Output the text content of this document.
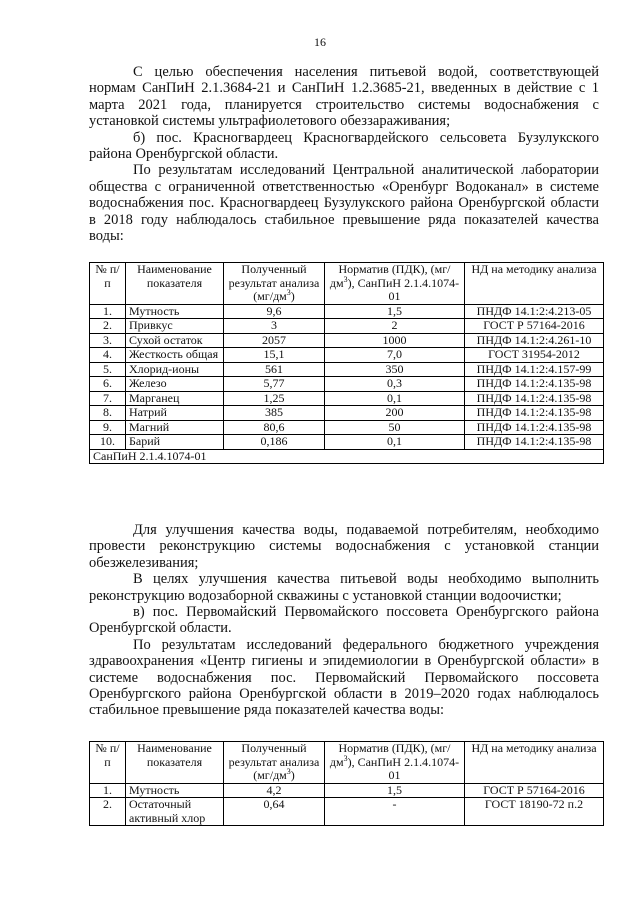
16

С целью обеспечения населения питьевой водой, соответствующей нормам СанПиН 2.1.3684-21 и СанПиН 1.2.3685-21, введенных в действие с 1 марта 2021 года, планируется строительство системы водоснабжения с установкой системы ультрафиолетового обеззараживания;

б) пос. Красногвардеец Красногвардейского сельсовета Бузулукского района Оренбургской области.

По результатам исследований Центральной аналитической лаборатории общества с ограниченной ответственностью «Оренбург Водоканал» в системе водоснабжения пос. Красногвардеец Бузулукского района Оренбургской области в 2018 году наблюдалось стабильное превышение ряда показателей качества воды:

№ п/п	Наименование показателя	Полученный результат анализа $(мг/дм^3)$	Норматив (ПДК), $(мг/дм^3)$, СанПиН 2.1.4.1074-01	НД на методику анализа
1.	Мутность	9,6	1,5	ПНДФ 14.1:2:4.213-05
2.	Привкус	3	2	ГОСТ Р 57164-2016
3.	Сухой остаток	2057	1000	ПНДФ 14.1:2:4.261-10
4.	Жесткость общая	15,1	7,0	ГОСТ 31954-2012
5.	Хлорид-ионы	561	350	ПНДФ 14.1:2:4.157-99
6.	Железо	5,77	0,3	ПНДФ 14.1:2:4.135-98
7.	Марганец	1,25	0,1	ПНДФ 14.1:2:4.135-98
8.	Натрий	385	200	ПНДФ 14.1:2:4.135-98
9.	Магний	80,6	50	ПНДФ 14.1:2:4.135-98
10.	Барий	0,186	0,1	ПНДФ 14.1:2:4.135-98
СанПиН 2.1.4.1074-01				

Для улучшения качества воды, подаваемой потребителям, необходимо провести реконструкцию системы водоснабжения с установкой станции обезжелезивания;

В целях улучшения качества питьевой воды необходимо выполнить реконструкцию водозаборной скважины с установкой станции водоочистки;

в) пос. Первомайский Первомайского поссовета Оренбургского района Оренбургской области.

По результатам исследований федерального бюджетного учреждения здравоохранения «Центр гигиены и эпидемиологии в Оренбургской области» в системе водоснабжения пос. Первомайский Первомайского поссовета Оренбургского района Оренбургской области в 2019–2020 годах наблюдалось стабильное превышение ряда показателей качества воды:

№ п/п	Наименование показателя	Полученный результат анализа $(мг/дм^3)$	Норматив (ПДК), $(мг/дм^3)$, СанПиН 2.1.4.1074-01	НД на методику анализа
1.	Мутность	4,2	1,5	ГОСТ Р 57164-2016
2.	Остаточный активный хлор	0,64	-	ГОСТ 18190-72 п.2
